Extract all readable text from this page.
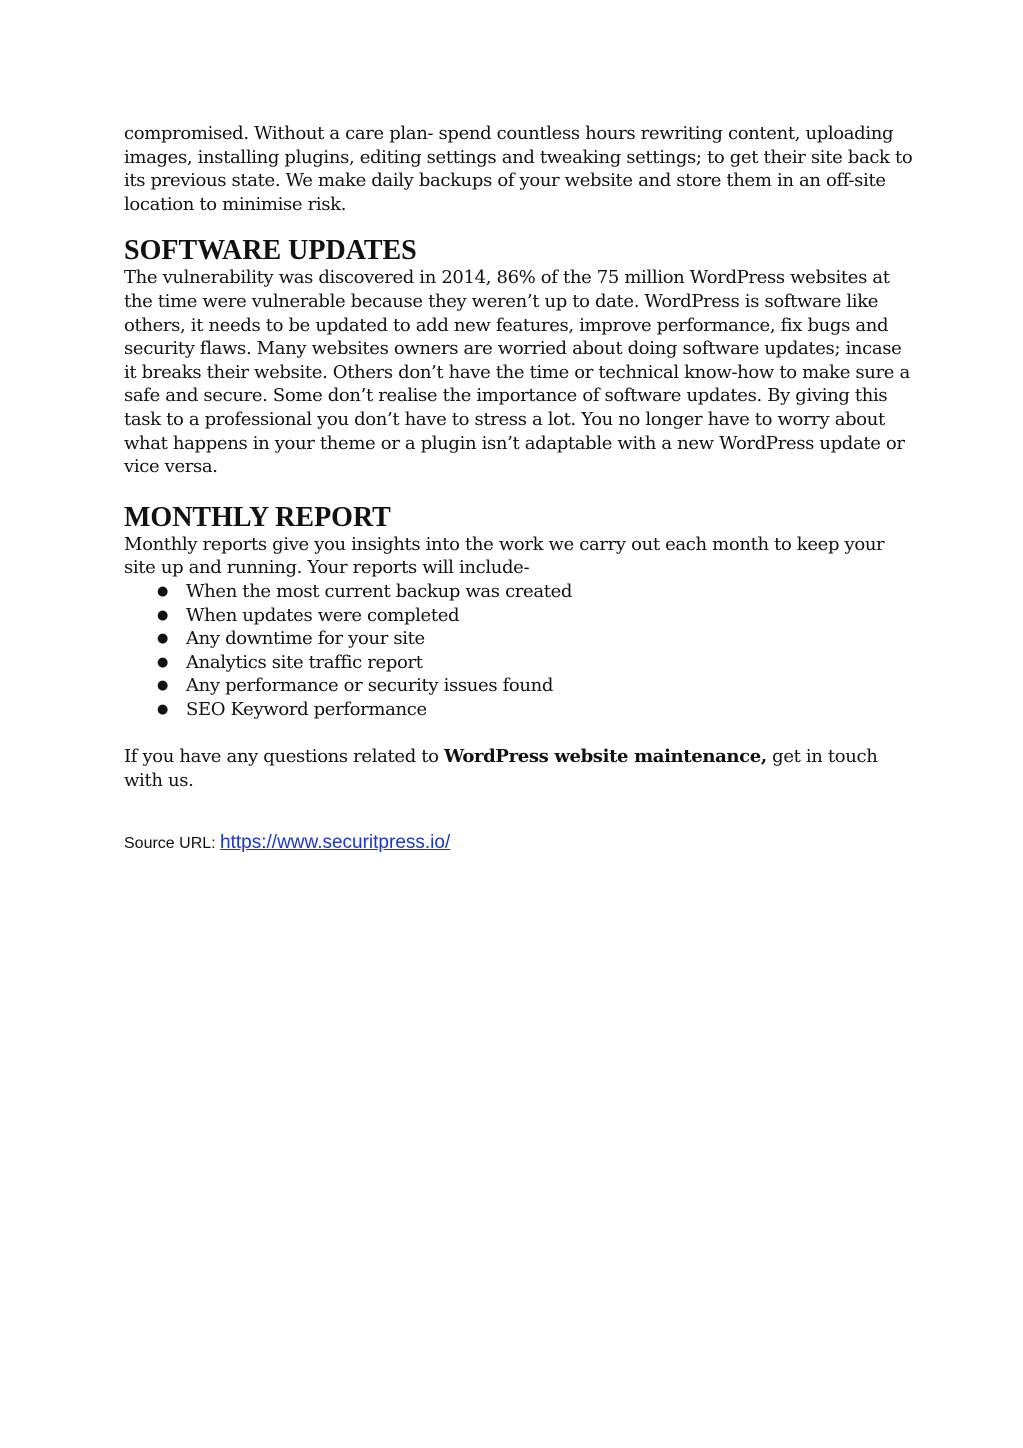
compromised. Without a care plan- spend countless hours rewriting content, uploading images, installing plugins, editing settings and tweaking settings; to get their site back to its previous state. We make daily backups of your website and store them in an off-site location to minimise risk.

SOFTWARE UPDATES

The vulnerability was discovered in 2014, 86% of the 75 million WordPress websites at the time were vulnerable because they weren’t up to date. WordPress is software like others, it needs to be updated to add new features, improve performance, fix bugs and security flaws. Many websites owners are worried about doing software updates; incase it breaks their website. Others don’t have the time or technical know-how to make sure a safe and secure. Some don’t realise the importance of software updates. By giving this task to a professional you don’t have to stress a lot. You no longer have to worry about what happens in your theme or a plugin isn’t adaptable with a new WordPress update or vice versa.

MONTHLY REPORT

Monthly reports give you insights into the work we carry out each month to keep your site up and running. Your reports will include-

● When the most current backup was created
● When updates were completed
● Any downtime for your site
● Analytics site traffic report
● Any performance or security issues found
● SEO Keyword performance

If you have any questions related to WordPress website maintenance, get in touch with us.

Source URL: https://www.securitpress.io/
